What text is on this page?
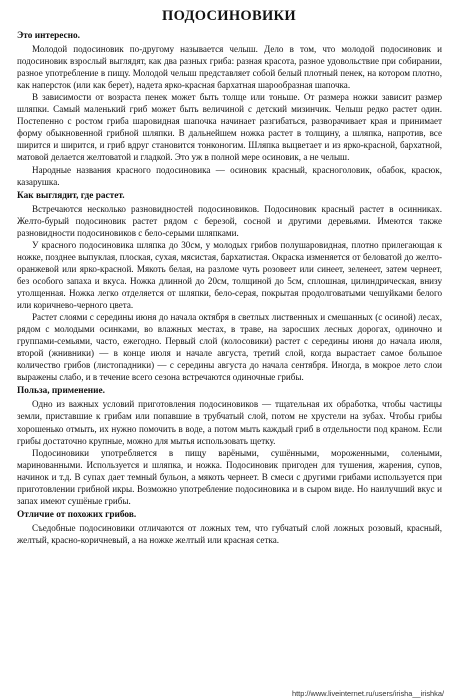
ПОДОСИНОВИКИ
Это интересно.

Молодой подосиновик по-другому называется челыш. Дело в том, что молодой подосиновик и подосиновик взрослый выглядят, как два разных гриба: разная красота, разное удовольствие при собирании, разное употребление в пищу. Молодой челыш представляет собой белый плотный пенек, на котором плотно, как наперсток (или как берет), надета ярко-красная бархатная шарообразная шапочка.

В зависимости от возраста пенек может быть толще или тоньше. От размера ножки зависит размер шляпки. Самый маленький гриб может быть величиной с детский мизинчик. Челыш редко растет один. Постепенно с ростом гриба шаровидная шапочка начинает разгибаться, разворачивает края и принимает форму обыкновенной грибной шляпки. В дальнейшем ножка растет в толщину, а шляпка, напротив, все ширится и ширится, и гриб вдруг становится тонконогим. Шляпка выцветает и из ярко-красной, бархатной, матовой делается желтоватой и гладкой. Это уж в полной мере осиновик, а не челыш.

Народные названия красного подосиновика — осиновик красный, красноголовик, обабок, красюк, казарушка.

Как выглядит, где растет.

Встречаются несколько разновидностей подосиновиков. Подосиновик красный растет в осинниках. Желто-бурый подосиновик растет рядом с березой, сосной и другими деревьями. Имеются также разновидности подосиновиков с бело-серыми шляпками.

У красного подосиновика шляпка до 30см, у молодых грибов полушаровидная, плотно прилегающая к ножке, позднее выпуклая, плоская, сухая, мясистая, бархатистая. Окраска изменяется от беловатой до желто-оранжевой или ярко-красной. Мякоть белая, на разломе чуть розовеет или синеет, зеленеет, затем чернеет, без особого запаха и вкуса. Ножка длинной до 20см, толщиной до 5см, сплошная, цилиндрическая, внизу утолщенная. Ножка легко отделяется от шляпки, бело-серая, покрытая продолговатыми чешуйками белого или коричнево-черного цвета.

Растет слоями с середины июня до начала октября в светлых лиственных и смешанных (с осиной) лесах, рядом с молодыми осинками, во влажных местах, в траве, на заросших лесных дорогах, одиночно и группами-семьями, часто, ежегодно. Первый слой (колосовики) растет с середины июня до начала июля, второй (жнивники) — в конце июля и начале августа, третий слой, когда вырастает самое большое количество грибов (листопадники) — с середины августа до начала сентября. Иногда, в мокрое лето слои выражены слабо, и в течение всего сезона встречаются одиночные грибы.

Польза, применение.

Одно из важных условий приготовления подосиновиков — тщательная их обработка, чтобы частицы земли, приставшие к грибам или попавшие в трубчатый слой, потом не хрустели на зубах. Чтобы грибы хорошенько отмыть, их нужно помочить в воде, а потом мыть каждый гриб в отдельности под краном. Если грибы достаточно крупные, можно для мытья использовать щетку.

Подосиновики употребляется в пищу варёными, сушёнными, мороженными, солеными, маринованными. Используется и шляпка, и ножка. Подосиновик пригоден для тушения, жарения, супов, начинок и т.д. В супах дает темный бульон, а мякоть чернеет. В смеси с другими грибами используется при приготовлении грибной икры. Возможно употребление подосиновика и в сыром виде. Но наилучший вкус и запах имеют сушёные грибы.

Отличие от похожих грибов.

Съедобные подосиновики отличаются от ложных тем, что губчатый слой ложных розовый, красный, желтый, красно-коричневый, а на ножке желтый или красная сетка.

http://www.liveinternet.ru/users/irisha__irishka/
